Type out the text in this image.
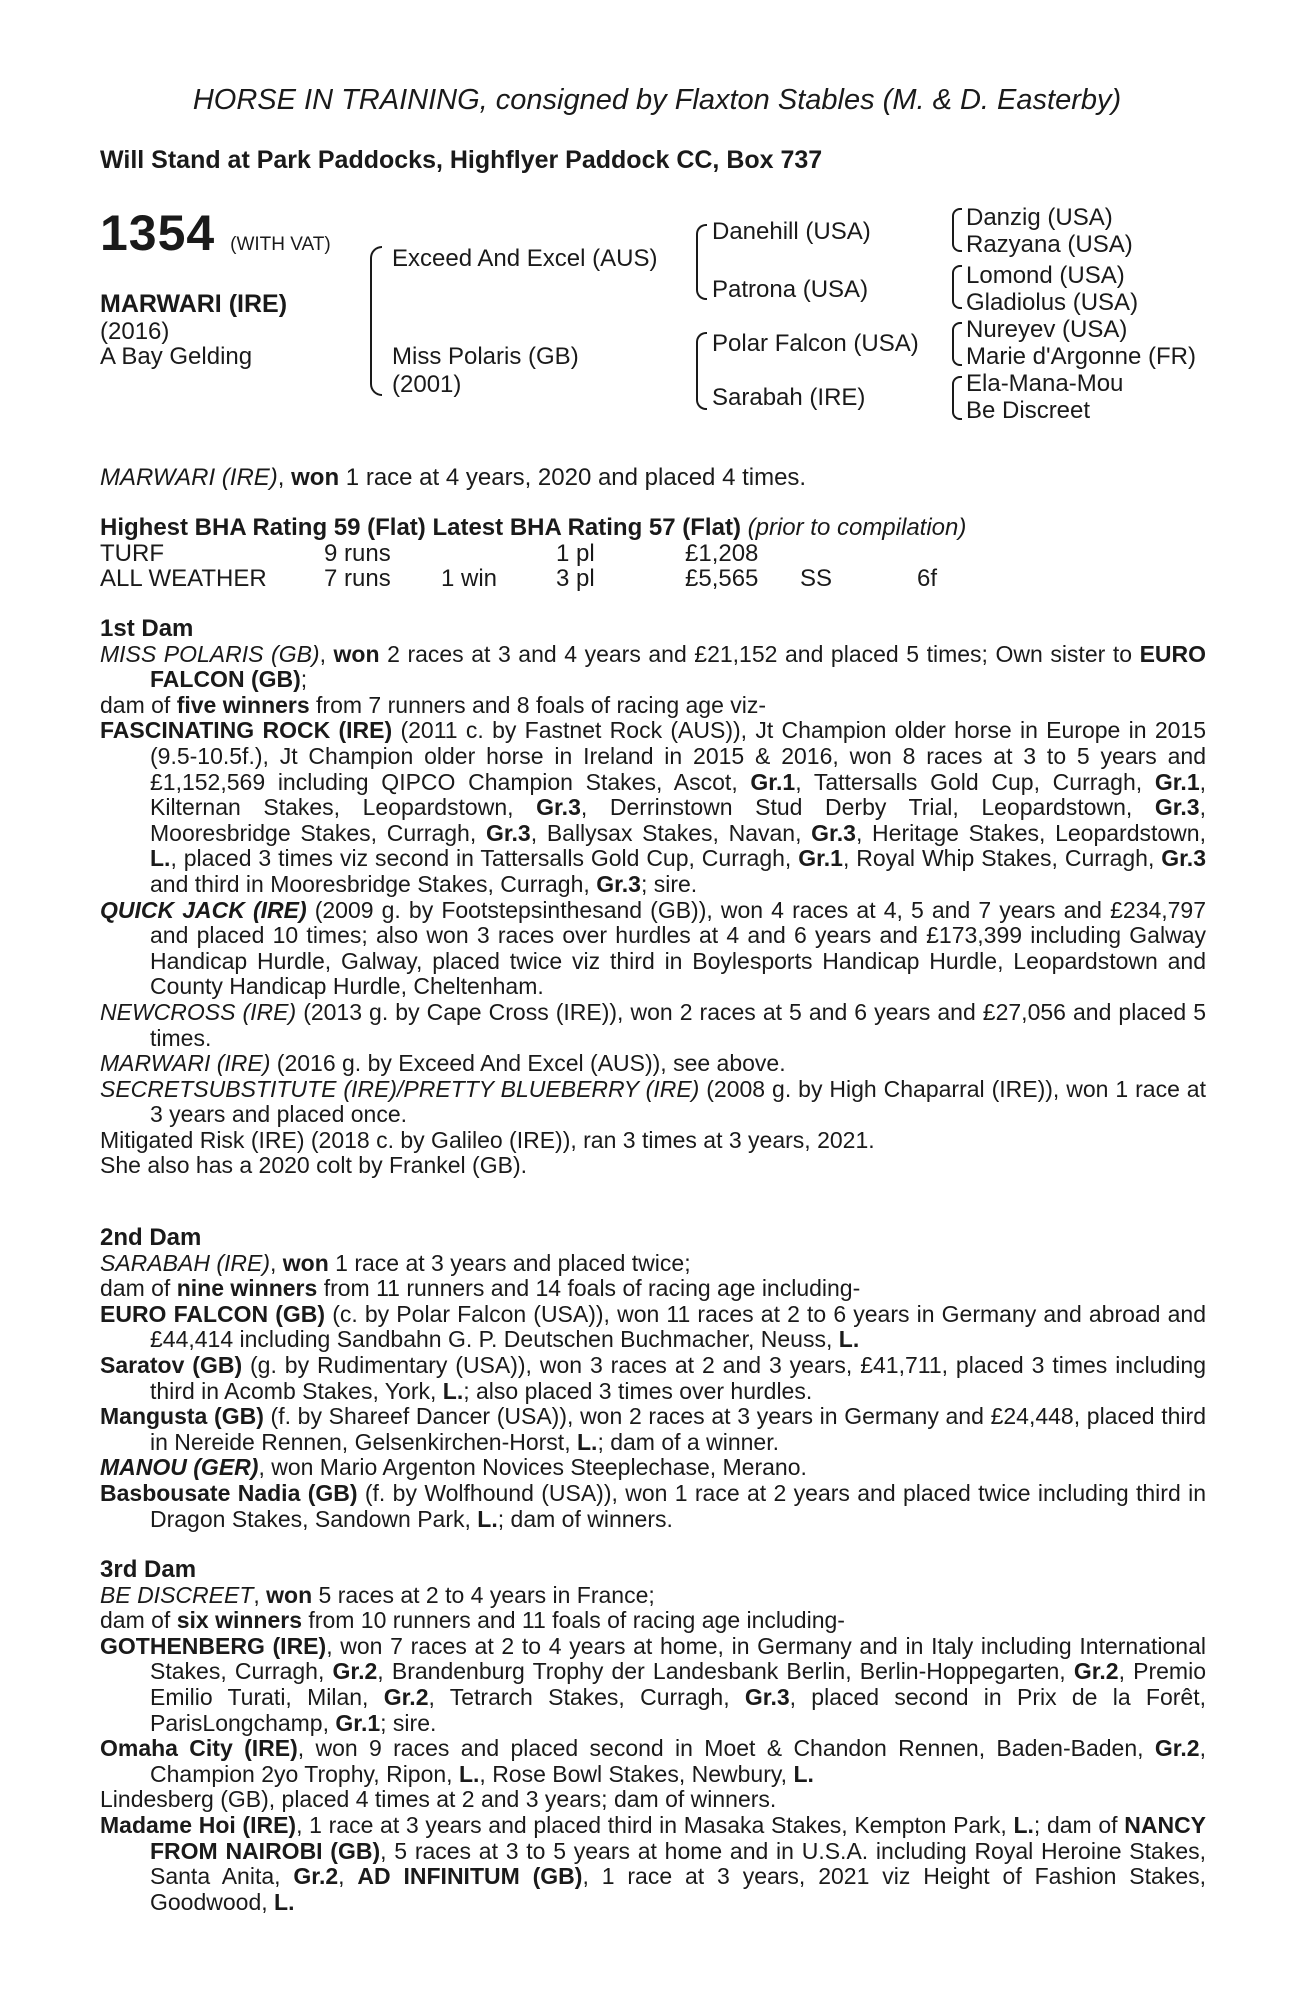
HORSE IN TRAINING, consigned by Flaxton Stables (M. & D. Easterby)
Will Stand at Park Paddocks, Highflyer Paddock CC, Box 737
1354 (WITH VAT)
MARWARI (IRE)
(2016)
A Bay Gelding
Exceed And Excel (AUS)
Miss Polaris (GB)
(2001)
Danehill (USA)
Patrona (USA)
Polar Falcon (USA)
Sarabah (IRE)
Danzig (USA)
Razyana (USA)
Lomond (USA)
Gladiolus (USA)
Nureyev (USA)
Marie d'Argonne (FR)
Ela-Mana-Mou
Be Discreet
MARWARI (IRE), won 1 race at 4 years, 2020 and placed 4 times.
Highest BHA Rating 59 (Flat) Latest BHA Rating 57 (Flat) (prior to compilation)
TURF	9 runs	1 pl	£1,208
ALL WEATHER 7 runs 1 win 3 pl	£5,565 SS	6f

1st Dam

MISS POLARIS (GB), won 2 races at 3 and 4 years and £21,152 and placed 5 times; Own sister to EURO FALCON (GB);

dam of five winners from 7 runners and 8 foals of racing age viz-

FASCINATING ROCK (IRE) (2011 c. by Fastnet Rock (AUS)), Jt Champion older horse in Europe in 2015 (9.5-10.5f.), Jt Champion older horse in Ireland in 2015 & 2016, won 8 races at 3 to 5 years and £1,152,569 including QIPCO Champion Stakes, Ascot, Gr.1, Tattersalls Gold Cup, Curragh, Gr.1, Kilternan Stakes, Leopardstown, Gr.3, Derrinstown Stud Derby Trial, Leopardstown, Gr.3, Mooresbridge Stakes, Curragh, Gr.3, Ballysax Stakes, Navan, Gr.3, Heritage Stakes, Leopardstown, L., placed 3 times viz second in Tattersalls Gold Cup, Curragh, Gr.1, Royal Whip Stakes, Curragh, Gr.3 and third in Mooresbridge Stakes, Curragh, Gr.3; sire.

QUICK JACK (IRE) (2009 g. by Footstepsinthesand (GB)), won 4 races at 4, 5 and 7 years and £234,797 and placed 10 times; also won 3 races over hurdles at 4 and 6 years and £173,399 including Galway Handicap Hurdle, Galway, placed twice viz third in Boylesports Handicap Hurdle, Leopardstown and County Handicap Hurdle, Cheltenham.

NEWCROSS (IRE) (2013 g. by Cape Cross (IRE)), won 2 races at 5 and 6 years and £27,056 and placed 5 times.

MARWARI (IRE) (2016 g. by Exceed And Excel (AUS)), see above.

SECRETSUBSTITUTE (IRE)/PRETTY BLUEBERRY (IRE) (2008 g. by High Chaparral (IRE)), won 1 race at 3 years and placed once.

Mitigated Risk (IRE) (2018 c. by Galileo (IRE)), ran 3 times at 3 years, 2021.

She also has a 2020 colt by Frankel (GB).

2nd Dam

SARABAH (IRE), won 1 race at 3 years and placed twice;

dam of nine winners from 11 runners and 14 foals of racing age including-

EURO FALCON (GB) (c. by Polar Falcon (USA)), won 11 races at 2 to 6 years in Germany and abroad and £44,414 including Sandbahn G. P. Deutschen Buchmacher, Neuss, L.

Saratov (GB) (g. by Rudimentary (USA)), won 3 races at 2 and 3 years, £41,711, placed 3 times including third in Acomb Stakes, York, L.; also placed 3 times over hurdles.

Mangusta (GB) (f. by Shareef Dancer (USA)), won 2 races at 3 years in Germany and £24,448, placed third in Nereide Rennen, Gelsenkirchen-Horst, L.; dam of a winner.

MANOU (GER), won Mario Argenton Novices Steeplechase, Merano.

Basbousate Nadia (GB) (f. by Wolfhound (USA)), won 1 race at 2 years and placed twice including third in Dragon Stakes, Sandown Park, L.; dam of winners.

3rd Dam

BE DISCREET, won 5 races at 2 to 4 years in France;

dam of six winners from 10 runners and 11 foals of racing age including-

GOTHENBERG (IRE), won 7 races at 2 to 4 years at home, in Germany and in Italy including International Stakes, Curragh, Gr.2, Brandenburg Trophy der Landesbank Berlin, Berlin-Hoppegarten, Gr.2, Premio Emilio Turati, Milan, Gr.2, Tetrarch Stakes, Curragh, Gr.3, placed second in Prix de la Forêt, ParisLongchamp, Gr.1; sire.

Omaha City (IRE), won 9 races and placed second in Moet & Chandon Rennen, Baden-Baden, Gr.2, Champion 2yo Trophy, Ripon, L., Rose Bowl Stakes, Newbury, L.

Lindesberg (GB), placed 4 times at 2 and 3 years; dam of winners.

Madame Hoi (IRE), 1 race at 3 years and placed third in Masaka Stakes, Kempton Park, L.; dam of NANCY FROM NAIROBI (GB), 5 races at 3 to 5 years at home and in U.S.A. including Royal Heroine Stakes, Santa Anita, Gr.2, AD INFINITUM (GB), 1 race at 3 years, 2021 viz Height of Fashion Stakes, Goodwood, L.
